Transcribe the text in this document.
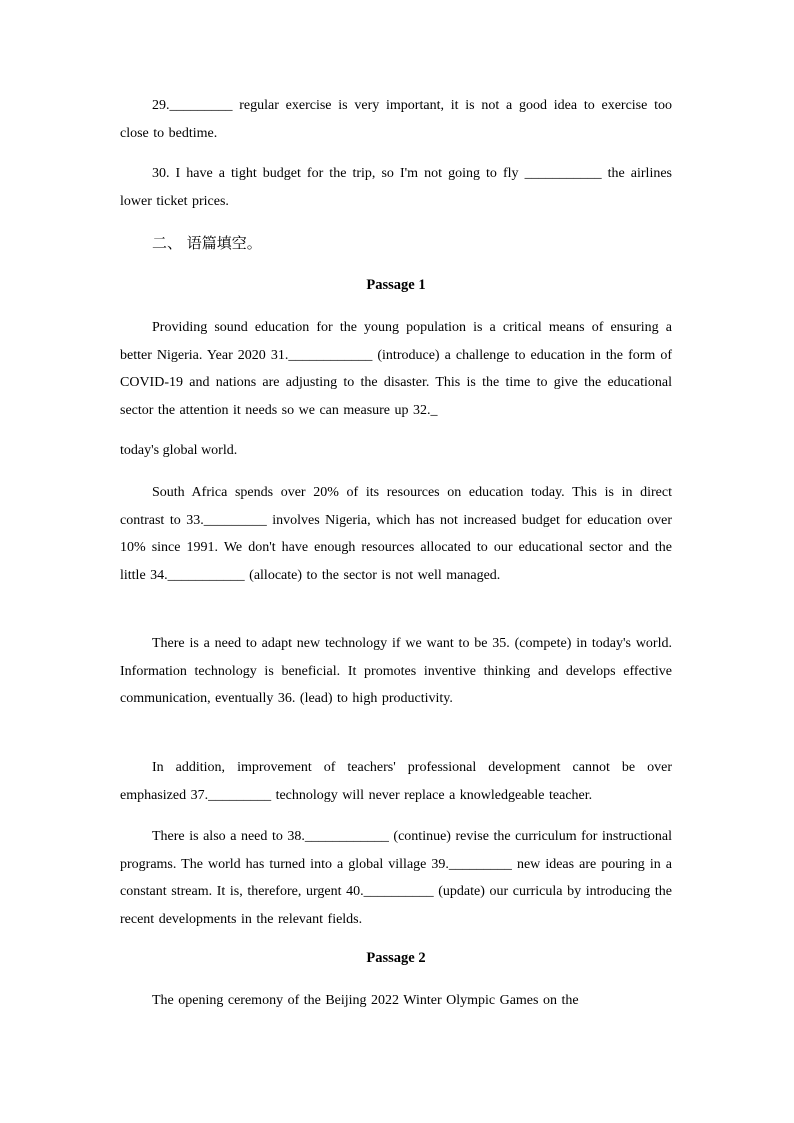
29._________ regular exercise is very important, it is not a good idea to exercise too close to bedtime.

30. I have a tight budget for the trip, so I'm not going to fly ___________ the airlines lower ticket prices.

二、 语篇填空。

Passage 1

Providing sound education for the young population is a critical means of ensuring a better Nigeria. Year 2020 31.____________ (introduce) a challenge to education in the form of COVID-19 and nations are adjusting to the disaster. This is the time to give the educational sector the attention it needs so we can measure up 32._

today's global world.

South Africa spends over 20% of its resources on education today. This is in direct contrast to 33._________ involves Nigeria, which has not increased budget for education over 10% since 1991. We don't have enough resources allocated to our educational sector and the little 34.___________ (allocate) to the sector is not well managed.

There is a need to adapt new technology if we want to be 35. (compete) in today's world. Information technology is beneficial. It promotes inventive thinking and develops effective communication, eventually 36. (lead) to high productivity.

In addition, improvement of teachers' professional development cannot be over emphasized 37._________ technology will never replace a knowledgeable teacher.

There is also a need to 38.____________ (continue) revise the curriculum for instructional programs. The world has turned into a global village 39._________ new ideas are pouring in a constant stream. It is, therefore, urgent 40.__________ (update) our curricula by introducing the recent developments in the relevant fields.

Passage 2

The opening ceremony of the Beijing 2022 Winter Olympic Games on the
